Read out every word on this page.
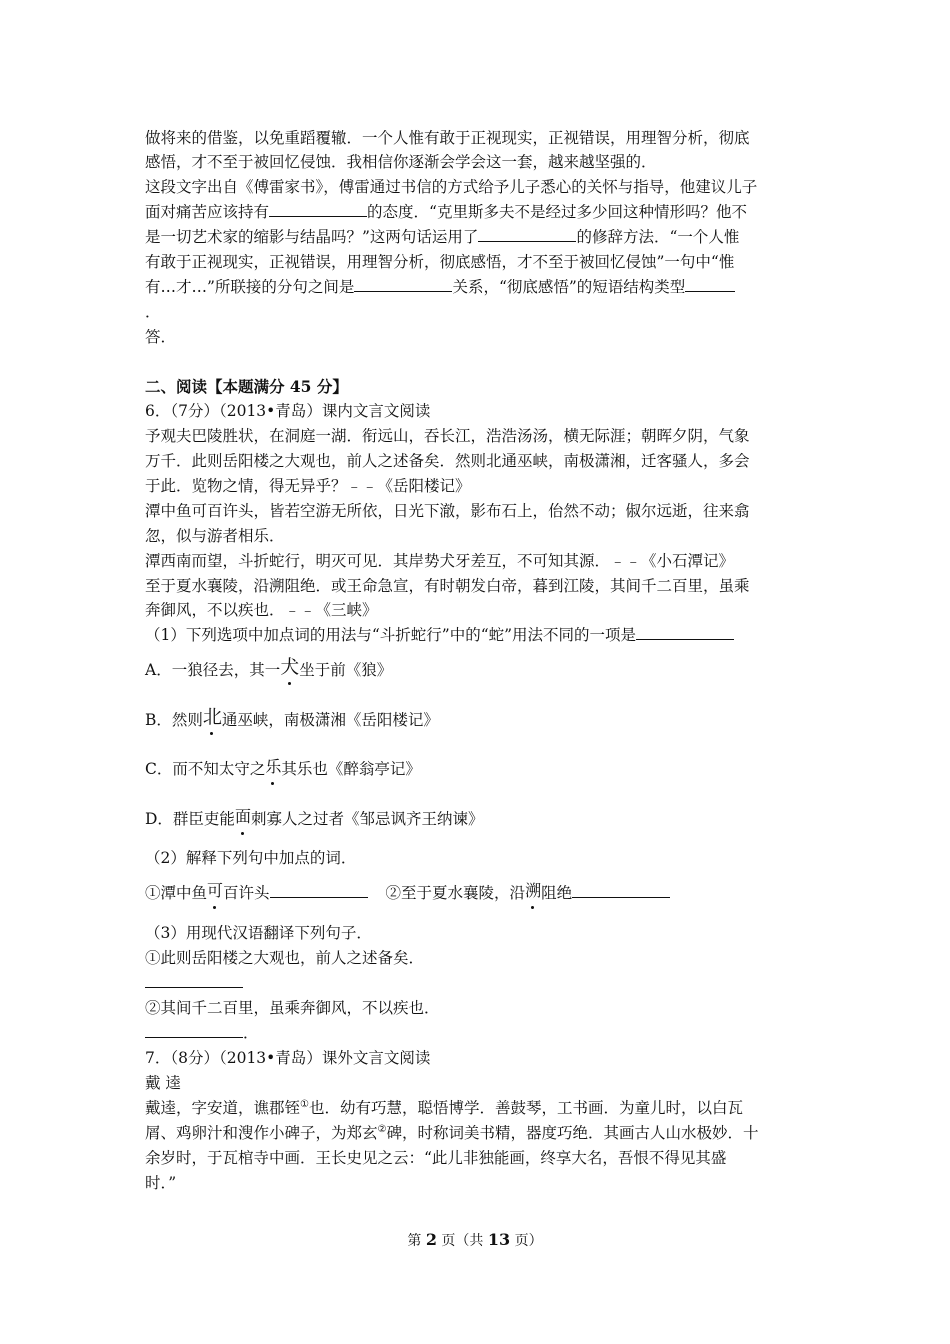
做将来的借鉴，以免重蹈覆辙．一个人惟有敢于正视现实，正视错误，用理智分析，彻底
感悟，才不至于被回忆侵蚀．我相信你逐渐会学会这一套，越来越坚强的．
这段文字出自《傅雷家书》，傅雷通过书信的方式给予儿子悉心的关怀与指导，他建议儿子
面对痛苦应该持有	的态度．“克里斯多夫不是经过多少回这种情形吗？他不
是一切艺术家的缩影与结晶吗？”这两句话运用了	的修辞方法．“一个人惟
有敢于正视现实，正视错误，用理智分析，彻底感悟，才不至于被回忆侵蚀”一句中“惟
有…才…”所联接的分句之间是	关系，“彻底感悟”的短语结构类型
．
答．
二、阅读【本题满分 45 分】
6．（7分）（2013•青岛）课内文言文阅读
予观夫巴陵胜状，在洞庭一湖．衔远山，吞长江，浩浩汤汤，横无际涯；朝晖夕阴，气象
万千．此则岳阳楼之大观也，前人之述备矣．然则北通巫峡，南极潇湘，迁客骚人，多会
于此．览物之情，得无异乎？﹣﹣《岳阳楼记》
潭中鱼可百许头，皆若空游无所依，日光下澈，影布石上，佁然不动；俶尔远逝，往来翕
忽，似与游者相乐．
潭西南而望，斗折蛇行，明灭可见．其岸势犬牙差互，不可知其源．﹣﹣《小石潭记》
至于夏水襄陵，沿溯阻绝．或王命急宣，有时朝发白帝，暮到江陵，其间千二百里，虽乘
奔御风，不以疾也．﹣﹣《三峡》
（1）下列选项中加点词的用法与“斗折蛇行”中的“蛇”用法不同的一项是
A．一狼径去，其一犬坐于前《狼》
B．然则北通巫峡，南极潇湘《岳阳楼记》
C．而不知太守之乐其乐也《醉翁亭记》
D．群臣吏能面刺寡人之过者《邹忌讽齐王纳谏》
（2）解释下列句中加点的词．
①潭中鱼可百许头	②至于夏水襄陵，沿溯阻绝
（3）用现代汉语翻译下列句子．
①此则岳阳楼之大观也，前人之述备矣．
②其间千二百里，虽乘奔御风，不以疾也．
．
7．（8分）（2013•青岛）课外文言文阅读
戴 逵
戴逵，字安道，谯郡铚①也．幼有巧慧，聪悟博学．善鼓琴，工书画．为童儿时，以白瓦
屑、鸡卵汁和溲作小碑子，为郑玄②碑，时称词美书精，器度巧绝．其画古人山水极妙．十
余岁时，于瓦棺寺中画．王长史见之云：“此儿非独能画，终享大名，吾恨不得见其盛
时．”
第 2 页（共 13 页）
